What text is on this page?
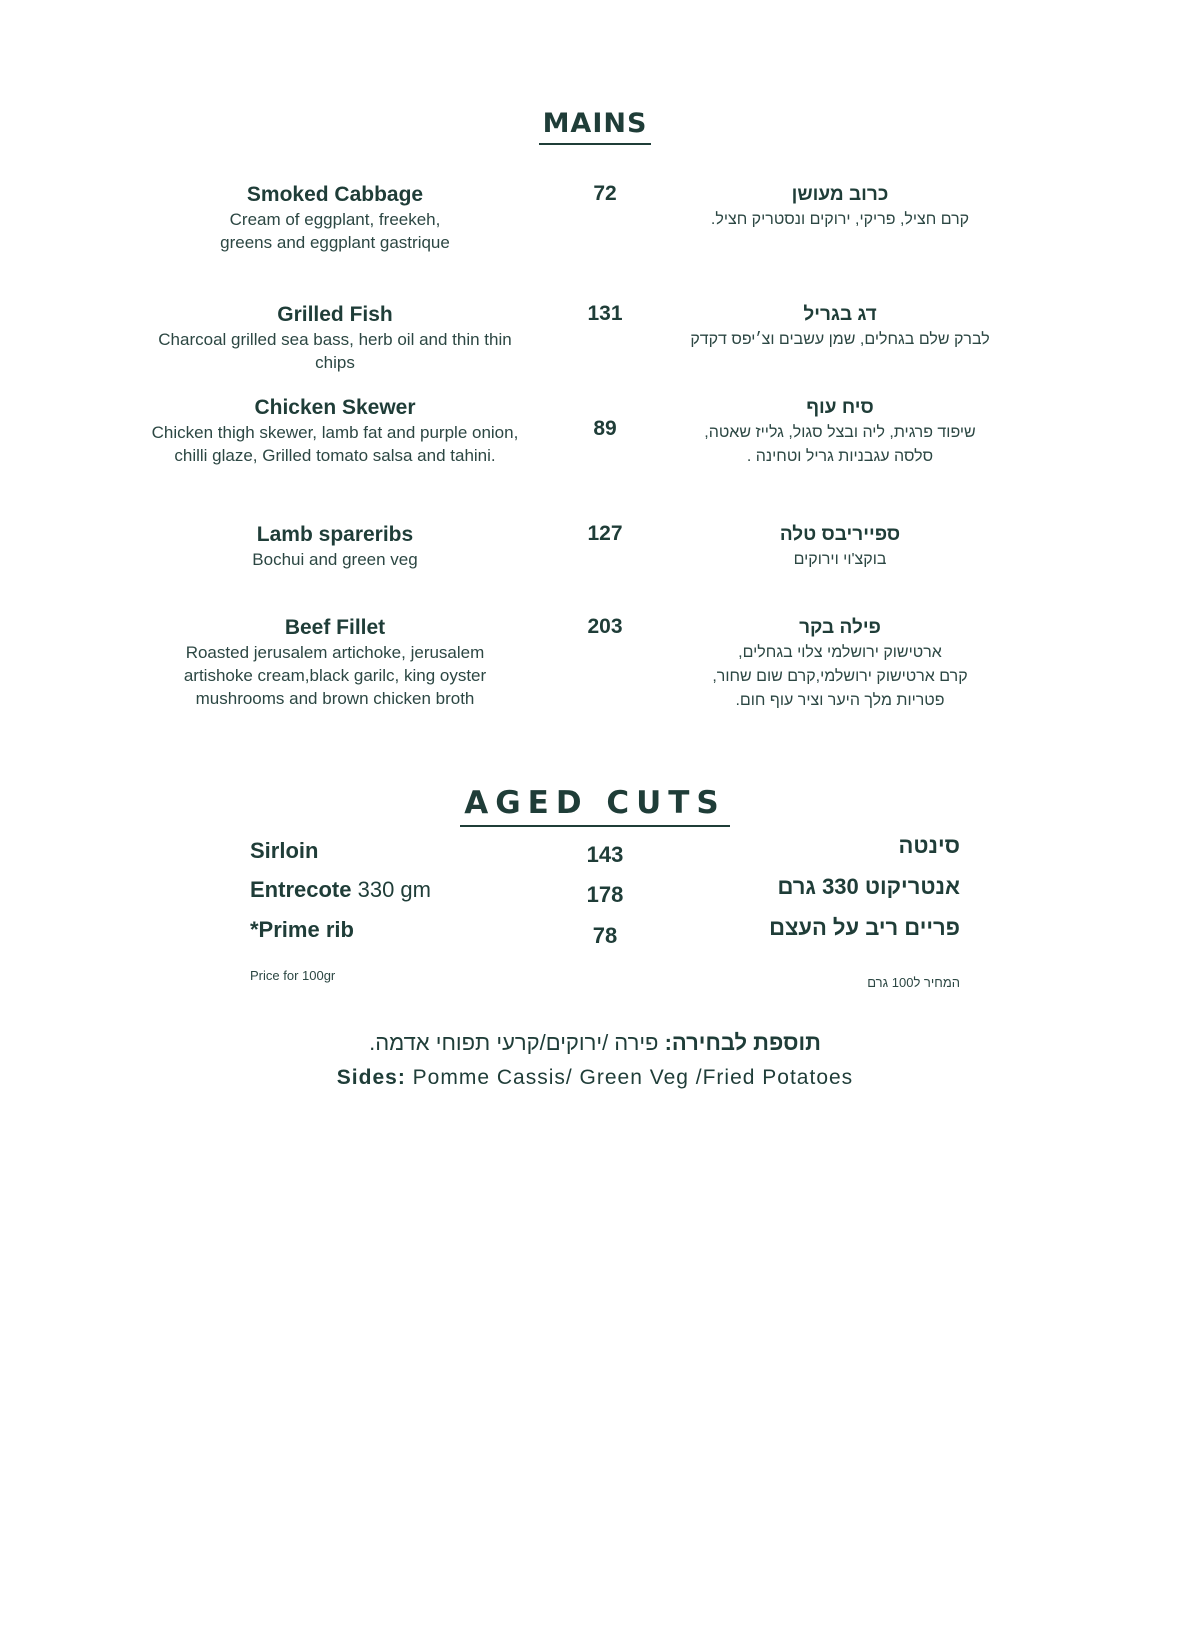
MAINS
Smoked Cabbage
Cream of eggplant, freekeh,
greens and eggplant gastrique
72	כרוב מעושן
קרם חציל, פריקי, ירוקים ונסטריק חציל.
Grilled Fish
Charcoal grilled sea bass, herb oil and thin thin chips
131	דג בגריל
לברק שלם בגחלים, שמן עשבים וצ׳יפס דקדק
Chicken Skewer
Chicken thigh skewer, lamb fat and purple onion,
chilli glaze, Grilled tomato salsa and tahini.
89
סיח עוף
שיפוד פרגית, ליה ובצל סגול, גלייז שאטה,
סלסה עגבניות גריל וטחינה .
Lamb spareribs
Bochui and green veg
127	ספייריבס טלה
בוקצ'וי וירוקים
Beef Fillet
Roasted jerusalem artichoke, jerusalem
artishoke cream,black garilc, king oyster
mushrooms and brown chicken broth
203	פילה בקר
ארטישוק ירושלמי צלוי בגחלים,
קרם ארטישוק ירושלמי,קרם שום שחור,
פטריות מלך היער וציר עוף חום.
AGED CUTS
Sirloin	143	סינטה
Entrecote 330 gm	178	אנטריקוט 330 גרם
*Prime rib	78	פריים ריב על העצם
Price for 100gr	המחיר ל100 גרם
תוספת לבחירה: פירה /ירוקים/קרעי תפוחי אדמה.
Sides: Pomme Cassis/ Green Veg /Fried Potatoes
